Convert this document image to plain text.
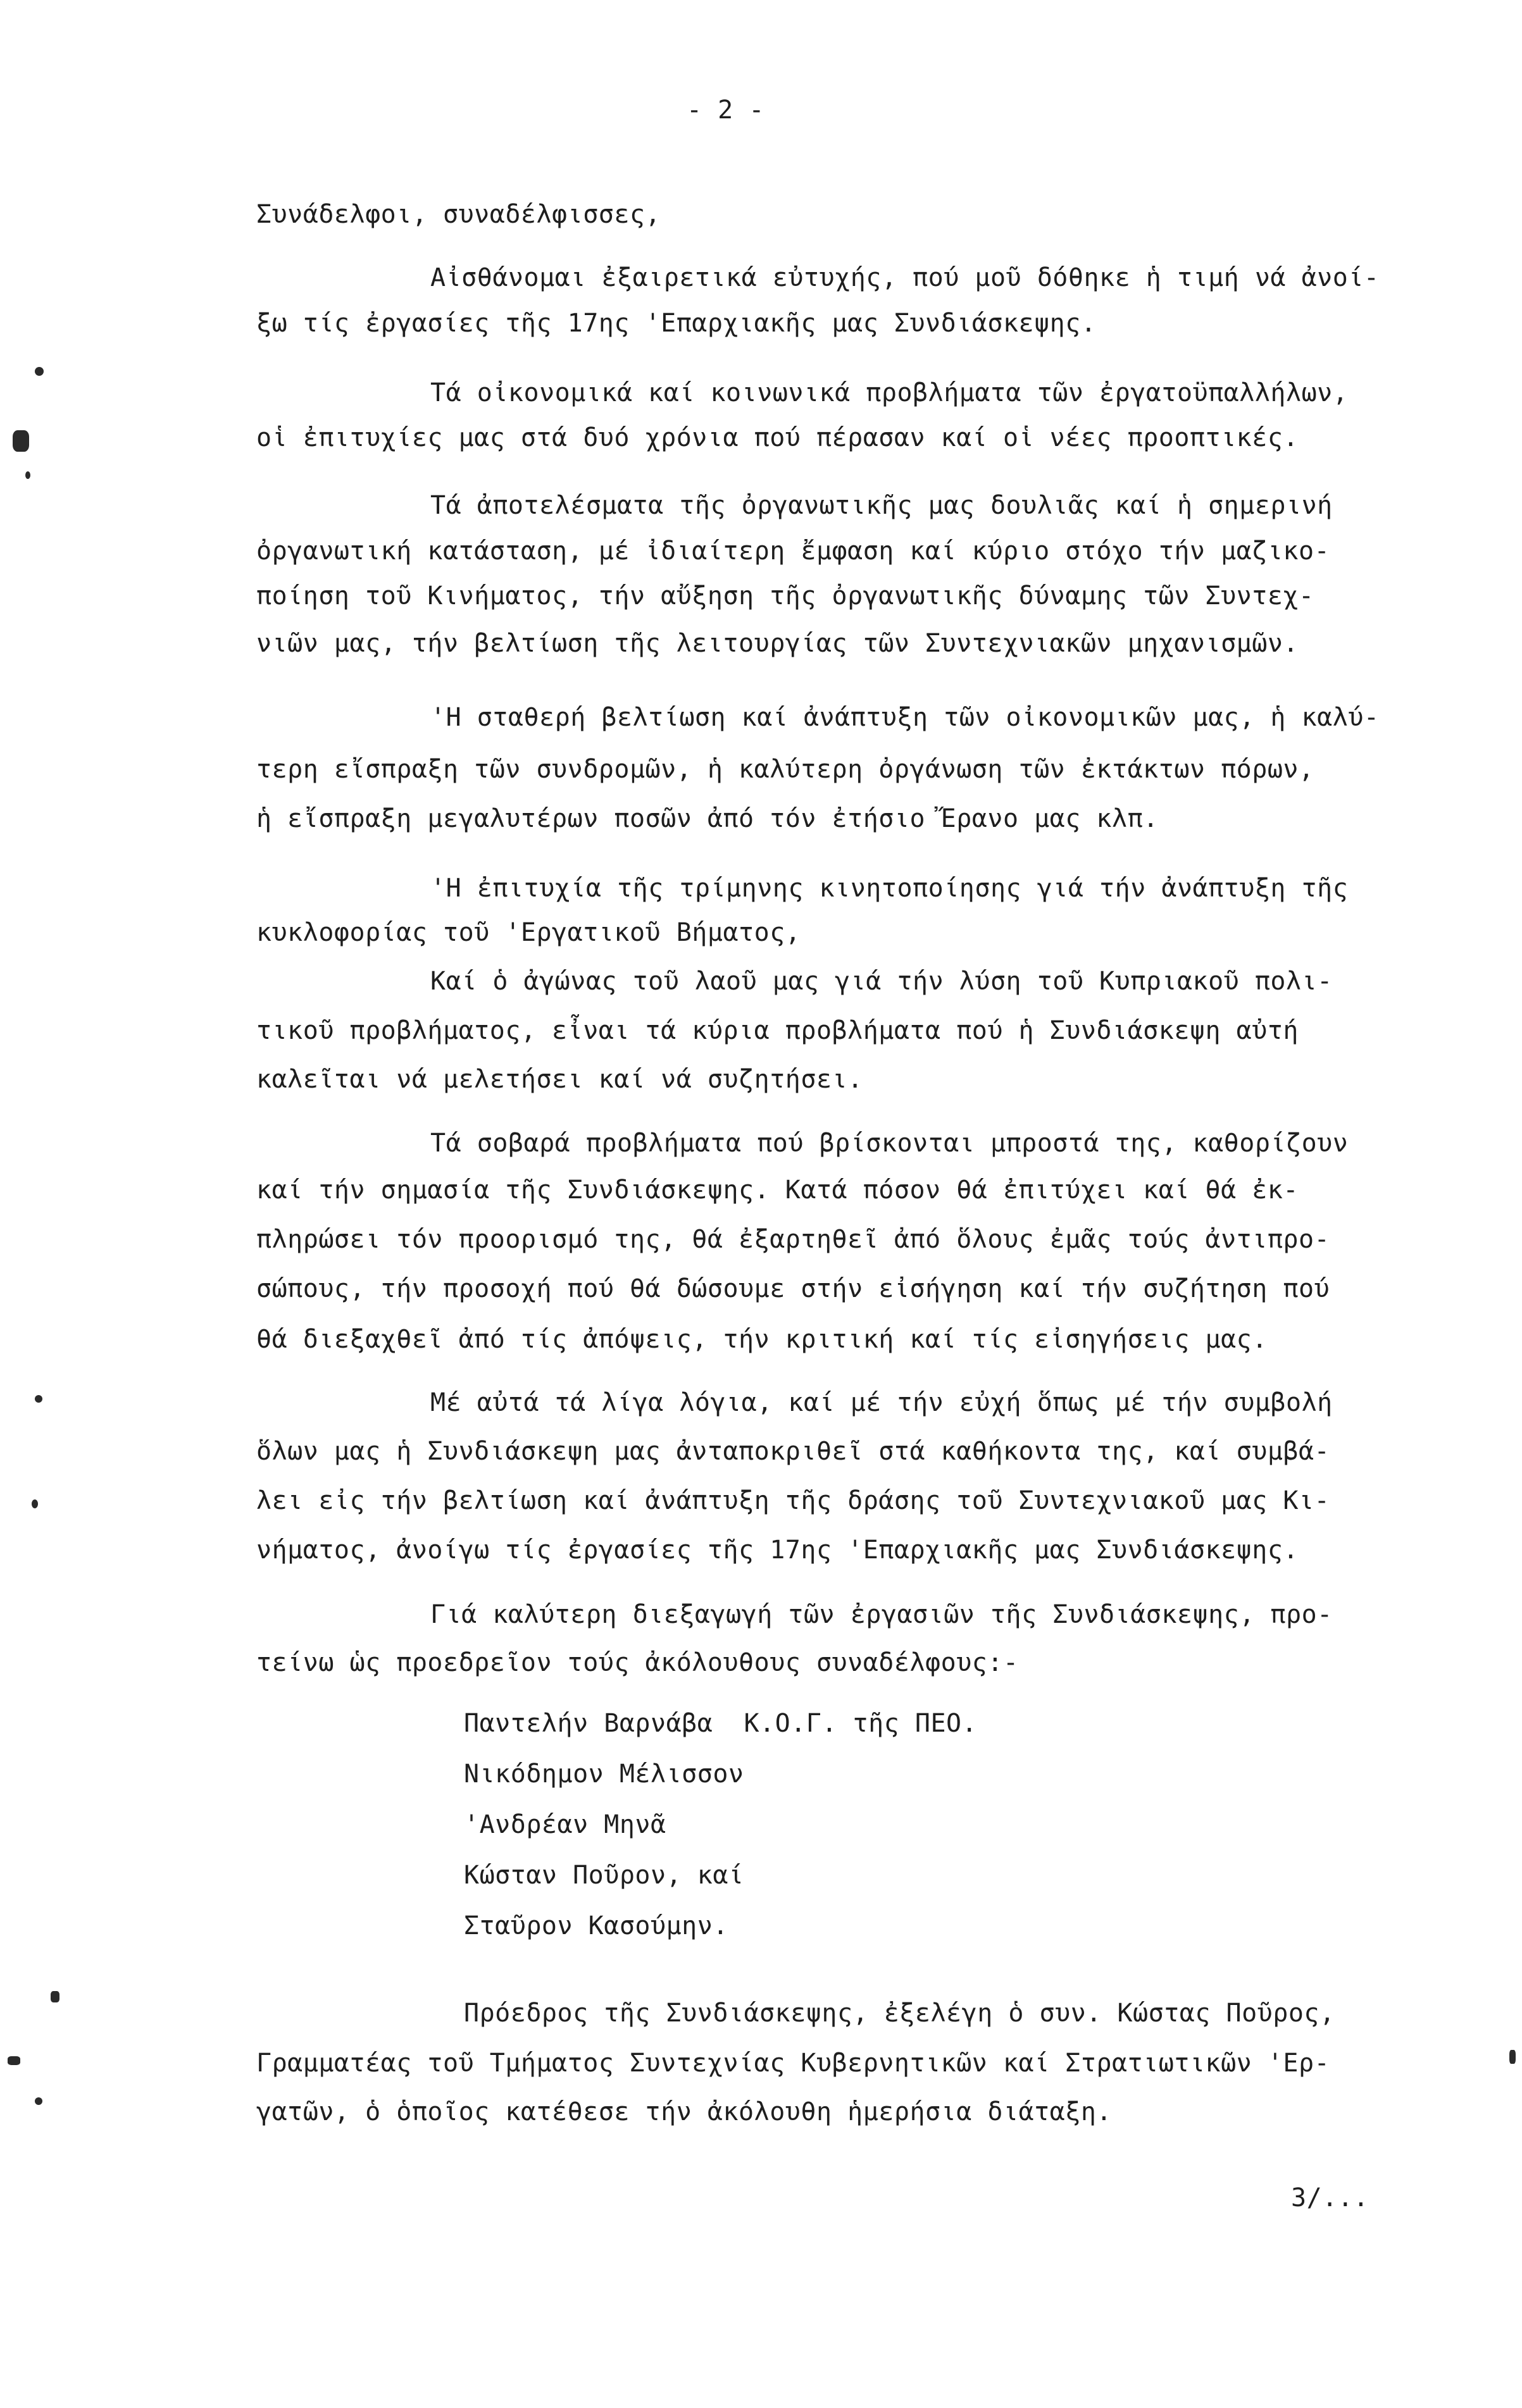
- 2 -
Συνάδελφοι, συναδέλφισσες,
Αἰσθάνομαι ἐξαιρετικά εὐτυχής, πού μοῦ δόθηκε ἡ τιμή νά ἀνοί-
ξω τίς ἐργασίες τῆς 17ης 'Επαρχιακῆς μας Συνδιάσκεψης.
Τά οἰκονομικά καί κοινωνικά προβλήματα τῶν ἐργατοϋπαλλήλων,
οἱ ἐπιτυχίες μας στά δυό χρόνια πού πέρασαν καί οἱ νέες προοπτικές.
Τά ἀποτελέσματα τῆς ὀργανωτικῆς μας δουλιᾶς καί ἡ σημερινή
ὀργανωτική κατάσταση, μέ ἰδιαίτερη ἔμφαση καί κύριο στόχο τήν μαζικο-
ποίηση τοῦ Κινήματος, τήν αὔξηση τῆς ὀργανωτικῆς δύναμης τῶν Συντεχ-
νιῶν μας, τήν βελτίωση τῆς λειτουργίας τῶν Συντεχνιακῶν μηχανισμῶν.
'Η σταθερή βελτίωση καί ἀνάπτυξη τῶν οἰκονομικῶν μας, ἡ καλύ-
τερη εἴσπραξη τῶν συνδρομῶν, ἡ καλύτερη ὀργάνωση τῶν ἐκτάκτων πόρων,
ἡ εἴσπραξη μεγαλυτέρων ποσῶν ἀπό τόν ἐτήσιο Ἔρανο μας κλπ.
'Η ἐπιτυχία τῆς τρίμηνης κινητοποίησης γιά τήν ἀνάπτυξη τῆς
κυκλοφορίας τοῦ 'Εργατικοῦ Βήματος,
Καί ὁ ἀγώνας τοῦ λαοῦ μας γιά τήν λύση τοῦ Κυπριακοῦ πολι-
τικοῦ προβλήματος, εἶναι τά κύρια προβλήματα πού ἡ Συνδιάσκεψη αὐτή
καλεῖται νά μελετήσει καί νά συζητήσει.
Τά σοβαρά προβλήματα πού βρίσκονται μπροστά της, καθορίζουν
καί τήν σημασία τῆς Συνδιάσκεψης. Κατά πόσον θά ἐπιτύχει καί θά ἐκ-
πληρώσει τόν προορισμό της, θά ἐξαρτηθεῖ ἀπό ὅλους ἐμᾶς τούς ἀντιπρο-
σώπους, τήν προσοχή πού θά δώσουμε στήν εἰσήγηση καί τήν συζήτηση πού
θά διεξαχθεῖ ἀπό τίς ἀπόψεις, τήν κριτική καί τίς εἰσηγήσεις μας.
Μέ αὐτά τά λίγα λόγια, καί μέ τήν εὐχή ὅπως μέ τήν συμβολή
ὅλων μας ἡ Συνδιάσκεψη μας ἀνταποκριθεῖ στά καθήκοντα της, καί συμβά-
λει εἰς τήν βελτίωση καί ἀνάπτυξη τῆς δράσης τοῦ Συντεχνιακοῦ μας Κι-
νήματος, ἀνοίγω τίς ἐργασίες τῆς 17ης 'Επαρχιακῆς μας Συνδιάσκεψης.
Γιά καλύτερη διεξαγωγή τῶν ἐργασιῶν τῆς Συνδιάσκεψης, προ-
τείνω ὡς προεδρεῖον τούς ἀκόλουθους συναδέλφους:-
Παντελήν Βαρνάβα  Κ.Ο.Γ. τῆς ΠΕΟ.
Νικόδημον Μέλισσον
'Ανδρέαν Μηνᾶ
Κώσταν Ποῦρον, καί
Σταῦρον Κασούμην.
Πρόεδρος τῆς Συνδιάσκεψης, ἐξελέγη ὁ συν. Κώστας Ποῦρος,
Γραμματέας τοῦ Τμήματος Συντεχνίας Κυβερνητικῶν καί Στρατιωτικῶν 'Ερ-
γατῶν, ὁ ὁποῖος κατέθεσε τήν ἀκόλουθη ἡμερήσια διάταξη.
3/...
